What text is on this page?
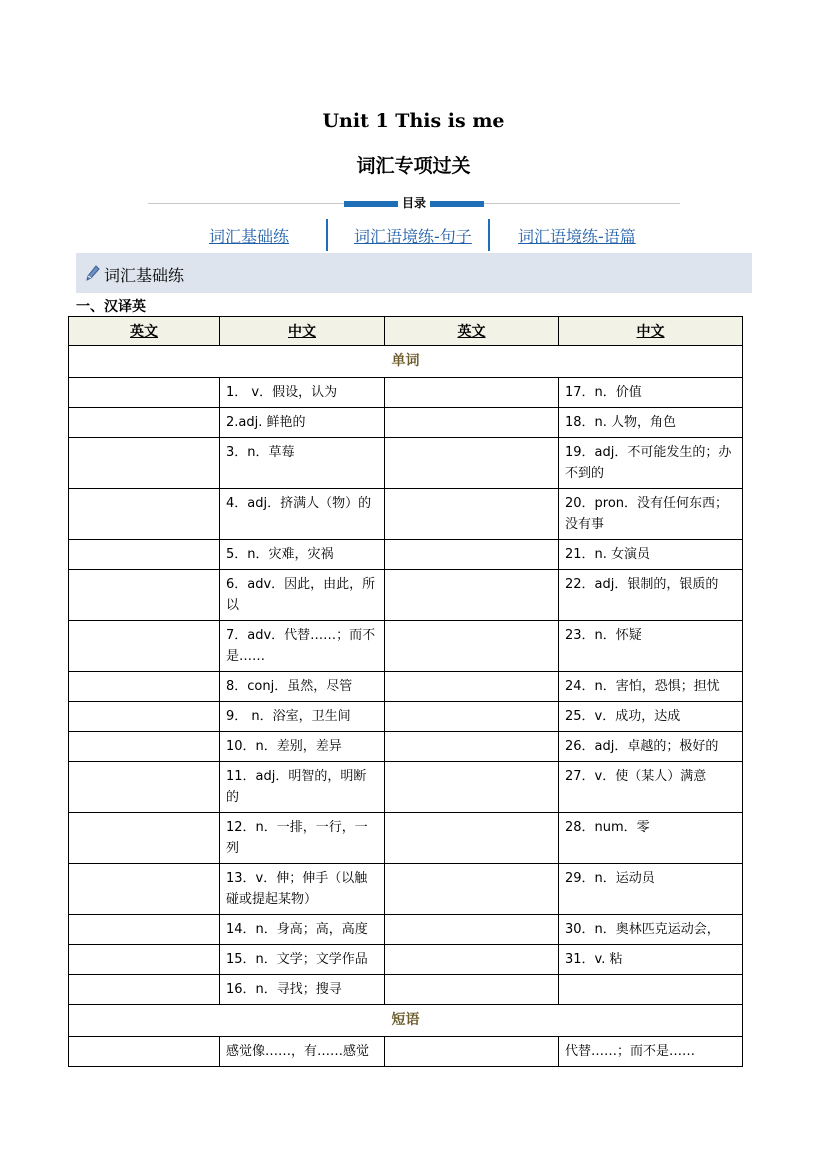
Unit 1 This is me
词汇专项过关
目录
词汇基础练	词汇语境练-句子	词汇语境练-语篇
词汇基础练
一、汉译英
英文	中文	英文	中文
单词			
	1． v．假设，认为		17．n．价值
	2.adj. 鲜艳的		18．n. 人物，角色
	3．n．草莓		19．adj．不可能发生的；办不到的
	4．adj．挤满人（物）的		20．pron．没有任何东西；没有事
	5．n．灾难，灾祸		21．n. 女演员
	6．adv．因此，由此，所以		22．adj．银制的，银质的
	7．adv．代替……；而不是……		23．n．怀疑
	8．conj．虽然，尽管		24．n．害怕，恐惧；担忧
	9． n．浴室，卫生间		25．v．成功，达成
	10．n．差别，差异		26．adj．卓越的；极好的
	11．adj．明智的，明断的		27．v．使（某人）满意
	12．n．一排，一行，一列		28．num．零
	13．v．伸；伸手（以触碰或提起某物）		29．n．运动员
	14．n．身高；高，高度		30．n．奥林匹克运动会，
	15．n．文学；文学作品		31．v. 粘
	16．n．寻找；搜寻		
短语			
	感觉像……，有……感觉		代替……；而不是……
